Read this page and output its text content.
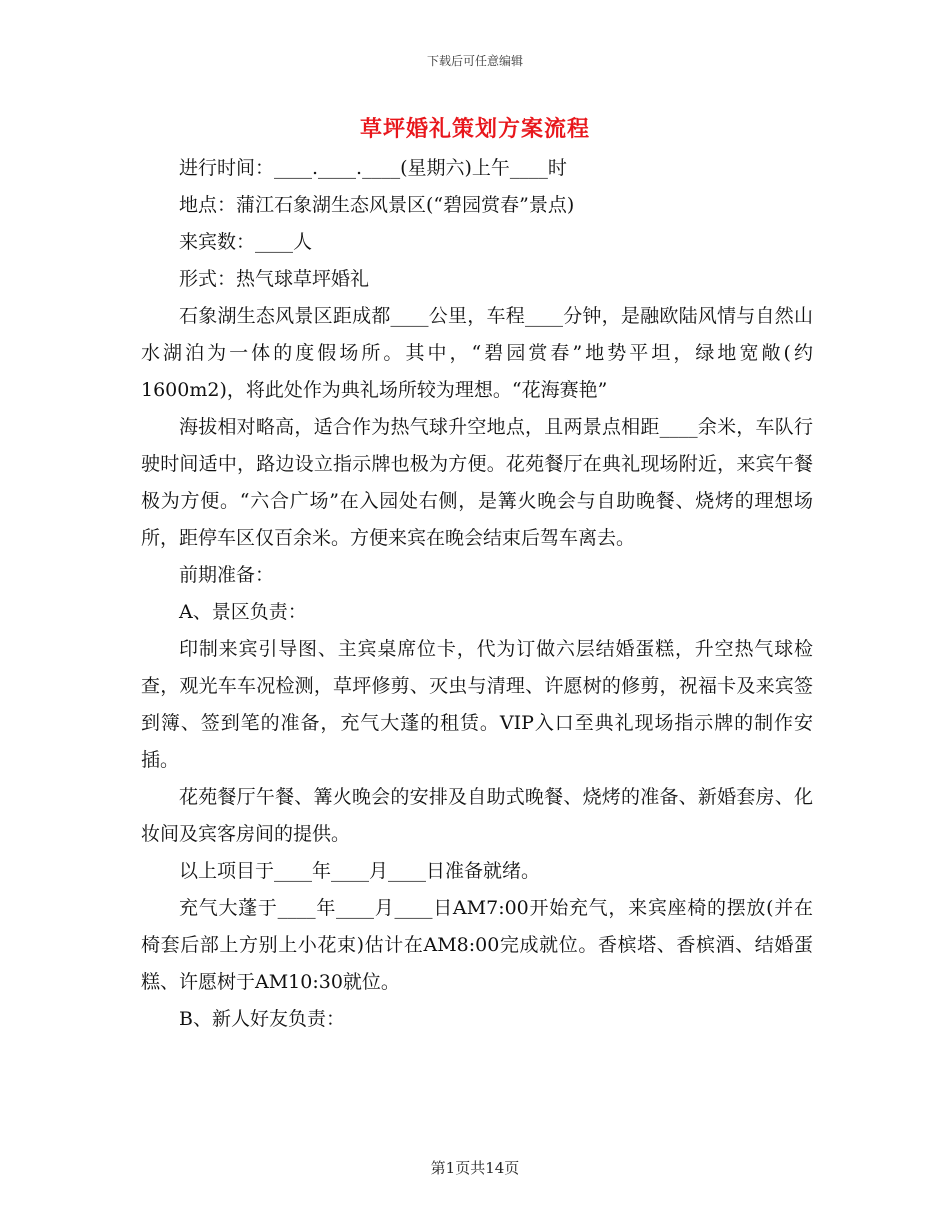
下载后可任意编辑
草坪婚礼策划方案流程

进行时间：____.____.____(星期六)上午____时

地点：蒲江石象湖生态风景区(“碧园赏春”景点)

来宾数：____人

形式：热气球草坪婚礼

石象湖生态风景区距成都____公里，车程____分钟，是融欧陆风情与自然山水湖泊为一体的度假场所。其中，“碧园赏春”地势平坦，绿地宽敞(约1600m2)，将此处作为典礼场所较为理想。“花海赛艳”

海拔相对略高，适合作为热气球升空地点，且两景点相距____余米，车队行驶时间适中，路边设立指示牌也极为方便。花苑餐厅在典礼现场附近，来宾午餐极为方便。“六合广场”在入园处右侧，是篝火晚会与自助晚餐、烧烤的理想场所，距停车区仅百余米。方便来宾在晚会结束后驾车离去。

前期准备：

A、景区负责：

印制来宾引导图、主宾桌席位卡，代为订做六层结婚蛋糕，升空热气球检查，观光车车况检测，草坪修剪、灭虫与清理、许愿树的修剪，祝福卡及来宾签到簿、签到笔的准备，充气大蓬的租赁。VIP入口至典礼现场指示牌的制作安插。

花苑餐厅午餐、篝火晚会的安排及自助式晚餐、烧烤的准备、新婚套房、化妆间及宾客房间的提供。

以上项目于____年____月____日准备就绪。

充气大蓬于____年____月____日AM7:00开始充气，来宾座椅的摆放(并在椅套后部上方别上小花束)估计在AM8:00完成就位。香槟塔、香槟酒、结婚蛋糕、许愿树于AM10:30就位。

B、新人好友负责：

第1页共14页
